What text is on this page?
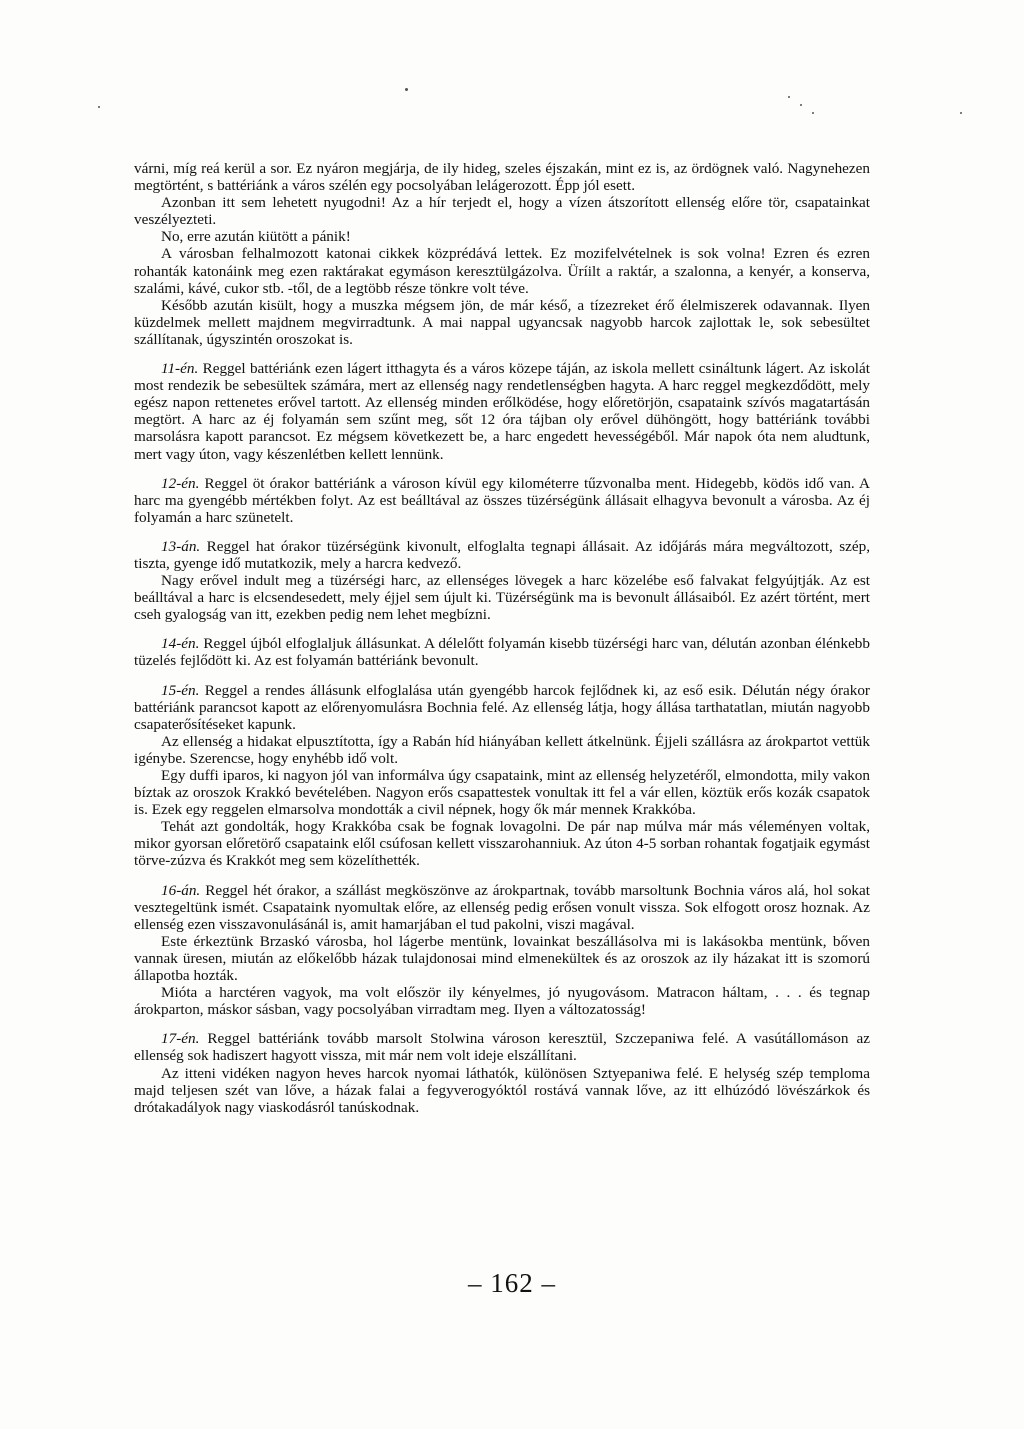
várni, míg reá kerül a sor. Ez nyáron megjárja, de ily hideg, szeles éjszakán, mint ez is, az ördögnek való. Nagynehezen megtörtént, s battériánk a város szélén egy pocsolyában lelágerozott. Épp jól esett.

Azonban itt sem lehetett nyugodni! Az a hír terjedt el, hogy a vízen átszorított ellenség előre tör, csapatainkat veszélyezteti.

No, erre azután kiütött a pánik!

A városban felhalmozott katonai cikkek közprédává lettek. Ez mozifelvételnek is sok volna! Ezren és ezren rohanták katonáink meg ezen raktárakat egymáson keresztülgázolva. Üríilt a raktár, a szalonna, a kenyér, a konserva, szalámi, kávé, cukor stb. -től, de a legtöbb része tönkre volt téve.

Később azután kisült, hogy a muszka mégsem jön, de már késő, a tízezreket érő élelmiszerek odavannak. Ilyen küzdelmek mellett majdnem megvirradtunk. A mai nappal ugyancsak nagyobb harcok zajlottak le, sok sebesültet szállítanak, úgyszintén oroszokat is.

11-én. Reggel battériánk ezen lágert itthagyta és a város közepe táján, az iskola mellett csináltunk lágert. Az iskolát most rendezik be sebesültek számára, mert az ellenség nagy rendetlenségben hagyta. A harc reggel megkezdődött, mely egész napon rettenetes erővel tartott. Az ellenség minden erőlködése, hogy előretörjön, csapataink szívós magatartásán megtört. A harc az éj folyamán sem szűnt meg, sőt 12 óra tájban oly erővel dühöngött, hogy battériánk további marsolásra kapott parancsot. Ez mégsem következett be, a harc engedett hevességéből. Már napok óta nem aludtunk, mert vagy úton, vagy készenlétben kellett lennünk.

12-én. Reggel öt órakor battériánk a városon kívül egy kilométerre tűzvonalba ment. Hidegebb, ködös idő van. A harc ma gyengébb mértékben folyt. Az est beálltával az összes tüzérségünk állásait elhagyva bevonult a városba. Az éj folyamán a harc szünetelt.

13-án. Reggel hat órakor tüzérségünk kivonult, elfoglalta tegnapi állásait. Az időjárás mára megváltozott, szép, tiszta, gyenge idő mutatkozik, mely a harcra kedvező.

Nagy erővel indult meg a tüzérségi harc, az ellenséges lövegek a harc közelébe eső falvakat felgyújtják. Az est beálltával a harc is elcsendesedett, mely éjjel sem újult ki. Tüzérségünk ma is bevonult állásaiból. Ez azért történt, mert cseh gyalogság van itt, ezekben pedig nem lehet megbízni.

14-én. Reggel újból elfoglaljuk állásunkat. A délelőtt folyamán kisebb tüzérségi harc van, délután azonban élénkebb tüzelés fejlődött ki. Az est folyamán battériánk bevonult.

15-én. Reggel a rendes állásunk elfoglalása után gyengébb harcok fejlődnek ki, az eső esik. Délután négy órakor battériánk parancsot kapott az előrenyomulásra Bochnia felé. Az ellenség látja, hogy állása tarthatatlan, miután nagyobb csapaterősítéseket kapunk.

Az ellenség a hidakat elpusztította, így a Rabán híd hiányában kellett átkelnünk. Éjjeli szállásra az árokpartot vettük igénybe. Szerencse, hogy enyhébb idő volt.

Egy duffi iparos, ki nagyon jól van informálva úgy csapataink, mint az ellenség helyzetéről, elmondotta, mily vakon bíztak az oroszok Krakkó bevételében. Nagyon erős csapattestek vonultak itt fel a vár ellen, köztük erős kozák csapatok is. Ezek egy reggelen elmarsolva mondották a civil népnek, hogy ők már mennek Krakkóba.

Tehát azt gondolták, hogy Krakkóba csak be fognak lovagolni. De pár nap múlva már más véleményen voltak, mikor gyorsan előretörő csapataink elől csúfosan kellett visszarohanniuk. Az úton 4-5 sorban rohantak fogatjaik egymást törve-zúzva és Krakkót meg sem közelíthették.

16-án. Reggel hét órakor, a szállást megköszönve az árokpartnak, tovább marsoltunk Bochnia város alá, hol sokat vesztegeltünk ismét. Csapataink nyomultak előre, az ellenség pedig erősen vonult vissza. Sok elfogott orosz hoznak. Az ellenség ezen visszavonulásánál is, amit hamarjában el tud pakolni, viszi magával.

Este érkeztünk Brzaskó városba, hol lágerbe mentünk, lovainkat beszállásolva mi is lakásokba mentünk, bőven vannak üresen, miután az előkelőbb házak tulajdonosai mind elmenekültek és az oroszok az ily házakat itt is szomorú állapotba hozták.

Mióta a harctéren vagyok, ma volt először ily kényelmes, jó nyugovásom. Matracon háltam, . . . és tegnap árokparton, máskor sásban, vagy pocsolyában virradtam meg. Ilyen a változatosság!

17-én. Reggel battériánk tovább marsolt Stolwina városon keresztül, Szczepaniwa felé. A vasútállomáson az ellenség sok hadiszert hagyott vissza, mit már nem volt ideje elszállítani.

Az itteni vidéken nagyon heves harcok nyomai láthatók, különösen Sztyepaniwa felé. E helység szép temploma majd teljesen szét van lőve, a házak falai a fegyverogyóktól rostává vannak lőve, az itt elhúzódó lövészárkok és drótakadályok nagy viaskodásról tanúskodnak.

– 162 –
